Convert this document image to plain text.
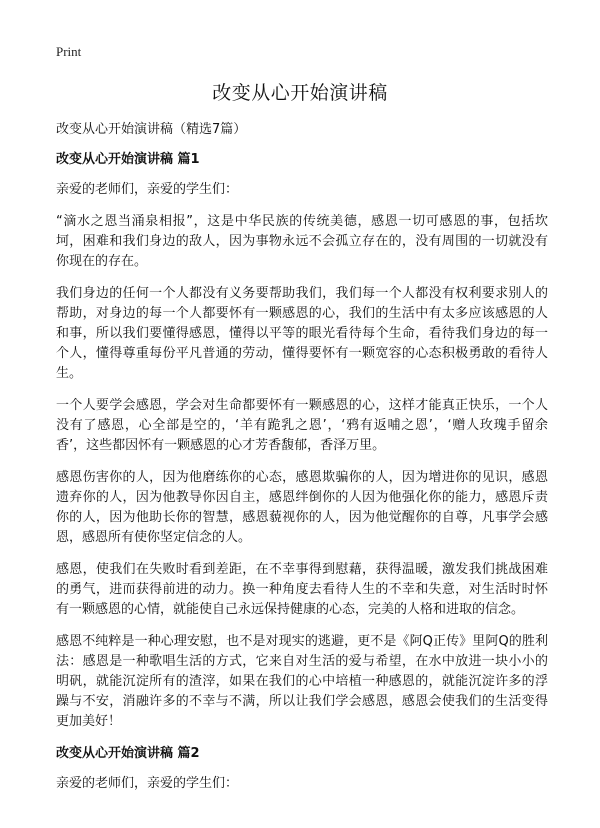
Print
改变从心开始演讲稿

改变从心开始演讲稿（精选7篇）

改变从心开始演讲稿 篇1

亲爱的老师们，亲爱的学生们：

“滴水之恩当涌泉相报”，这是中华民族的传统美德，感恩一切可感恩的事，包括坎坷，困难和我们身边的敌人，因为事物永远不会孤立存在的，没有周围的一切就没有你现在的存在。

我们身边的任何一个人都没有义务要帮助我们，我们每一个人都没有权利要求别人的帮助，对身边的每一个人都要怀有一颗感恩的心，我们的生活中有太多应该感恩的人和事，所以我们要懂得感恩，懂得以平等的眼光看待每个生命，看待我们身边的每一个人，懂得尊重每份平凡普通的劳动，懂得要怀有一颗宽容的心态积极勇敢的看待人生。

一个人要学会感恩，学会对生命都要怀有一颗感恩的心，这样才能真正快乐，一个人没有了感恩，心全部是空的，‘羊有跪乳之恩’，‘鸦有返哺之恩’，‘赠人玫瑰手留余香’，这些都因怀有一颗感恩的心才芳香馥郁，香泽万里。

感恩伤害你的人，因为他磨练你的心态，感恩欺骗你的人，因为增进你的见识，感恩遗弃你的人，因为他教导你因自主，感恩绊倒你的人因为他强化你的能力，感恩斥责你的人，因为他助长你的智慧，感恩藐视你的人，因为他觉醒你的自尊，凡事学会感恩，感恩所有使你坚定信念的人。

感恩，使我们在失败时看到差距，在不幸事得到慰藉，获得温暖，激发我们挑战困难的勇气，进而获得前进的动力。换一种角度去看待人生的不幸和失意，对生活时时怀有一颗感恩的心情，就能使自己永远保持健康的心态，完美的人格和进取的信念。

感恩不纯粹是一种心理安慰，也不是对现实的逃避，更不是《阿Q正传》里阿Q的胜利法：感恩是一种歌唱生活的方式，它来自对生活的爱与希望，在水中放进一块小小的明矾，就能沉淀所有的渣滓，如果在我们的心中培植一种感恩的，就能沉淀许多的浮躁与不安，消融许多的不幸与不满，所以让我们学会感恩，感恩会使我们的生活变得更加美好！

改变从心开始演讲稿 篇2

亲爱的老师们，亲爱的学生们：
